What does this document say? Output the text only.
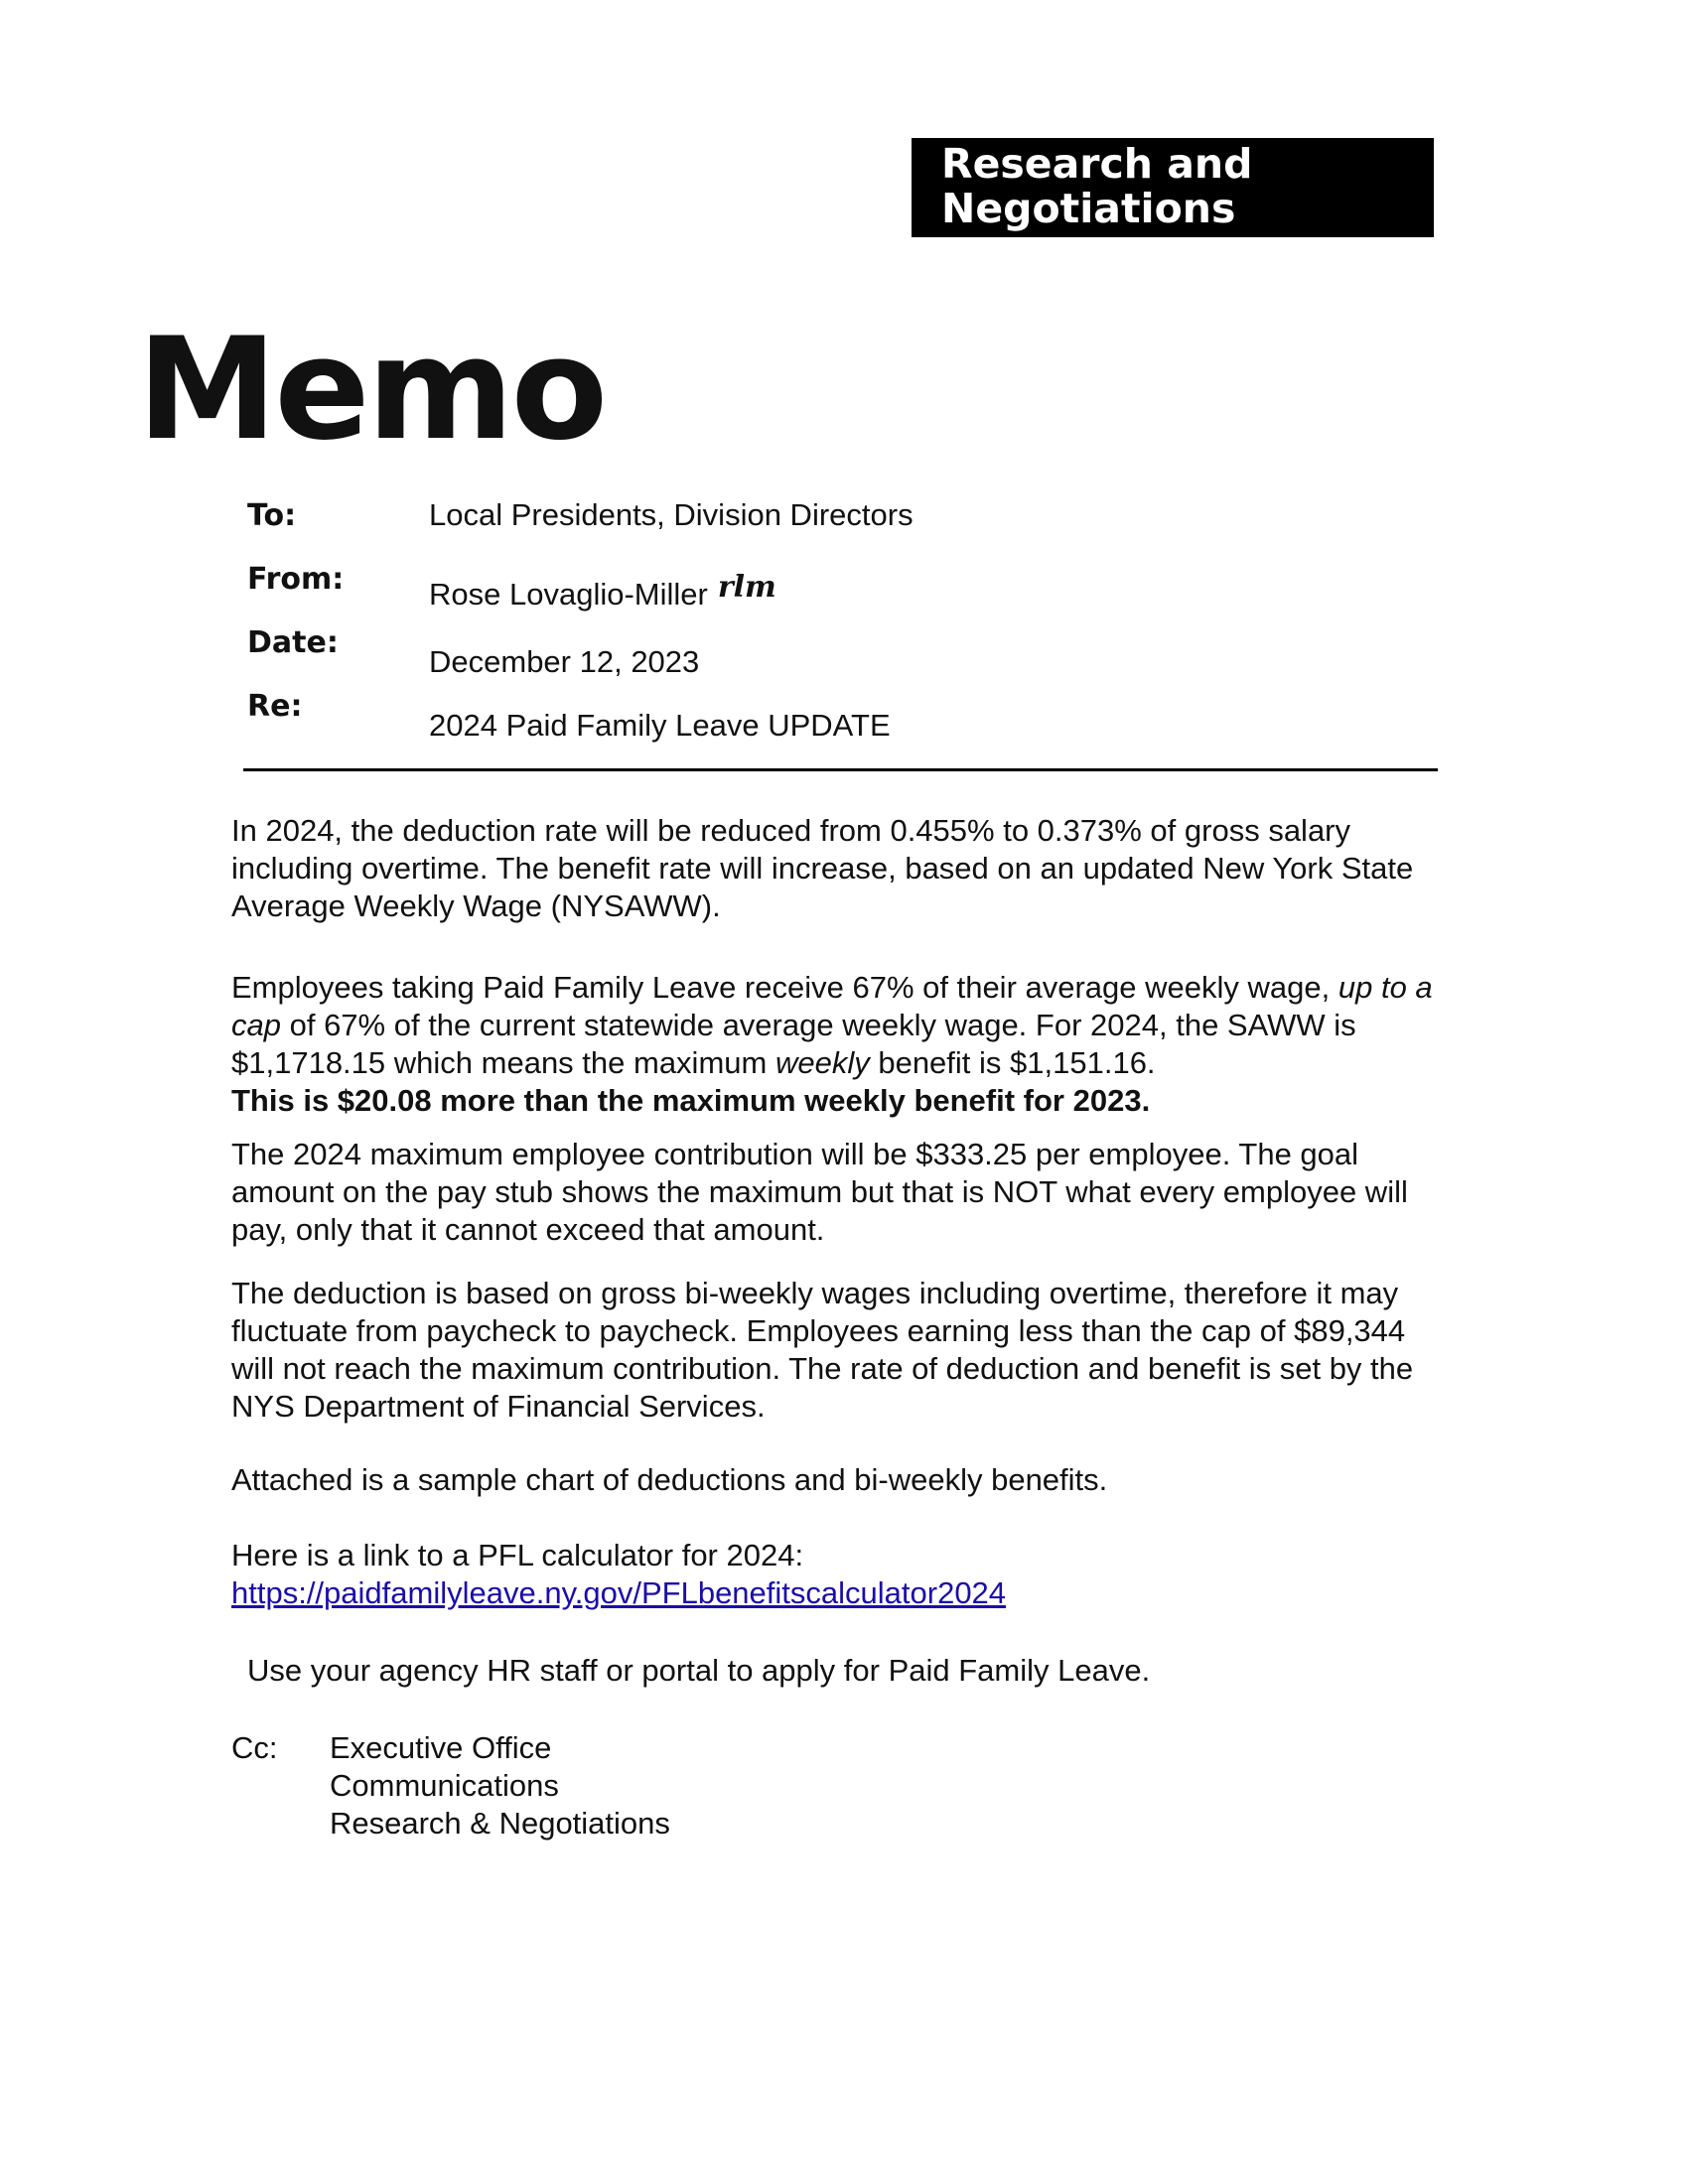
Research and
Negotiations
Memo
To:	Local Presidents, Division Directors
From:	Rose Lovaglio-Miller rlm
Date:
December 12, 2023
Re:
2024 Paid Family Leave UPDATE

In 2024, the deduction rate will be reduced from 0.455% to 0.373% of gross salary including overtime. The benefit rate will increase, based on an updated New York State Average Weekly Wage (NYSAWW).

Employees taking Paid Family Leave receive 67% of their average weekly wage, up to a cap of 67% of the current statewide average weekly wage. For 2024, the SAWW is $1,1718.15 which means the maximum weekly benefit is $1,151.16.
This is $20.08 more than the maximum weekly benefit for 2023.

The 2024 maximum employee contribution will be $333.25 per employee. The goal amount on the pay stub shows the maximum but that is NOT what every employee will pay, only that it cannot exceed that amount.

The deduction is based on gross bi-weekly wages including overtime, therefore it may fluctuate from paycheck to paycheck. Employees earning less than the cap of $89,344 will not reach the maximum contribution. The rate of deduction and benefit is set by the NYS Department of Financial Services.

Attached is a sample chart of deductions and bi-weekly benefits.

Here is a link to a PFL calculator for 2024:
https://paidfamilyleave.ny.gov/PFLbenefitscalculator2024

Use your agency HR staff or portal to apply for Paid Family Leave.

Cc: Executive Office
Communications
Research & Negotiations
